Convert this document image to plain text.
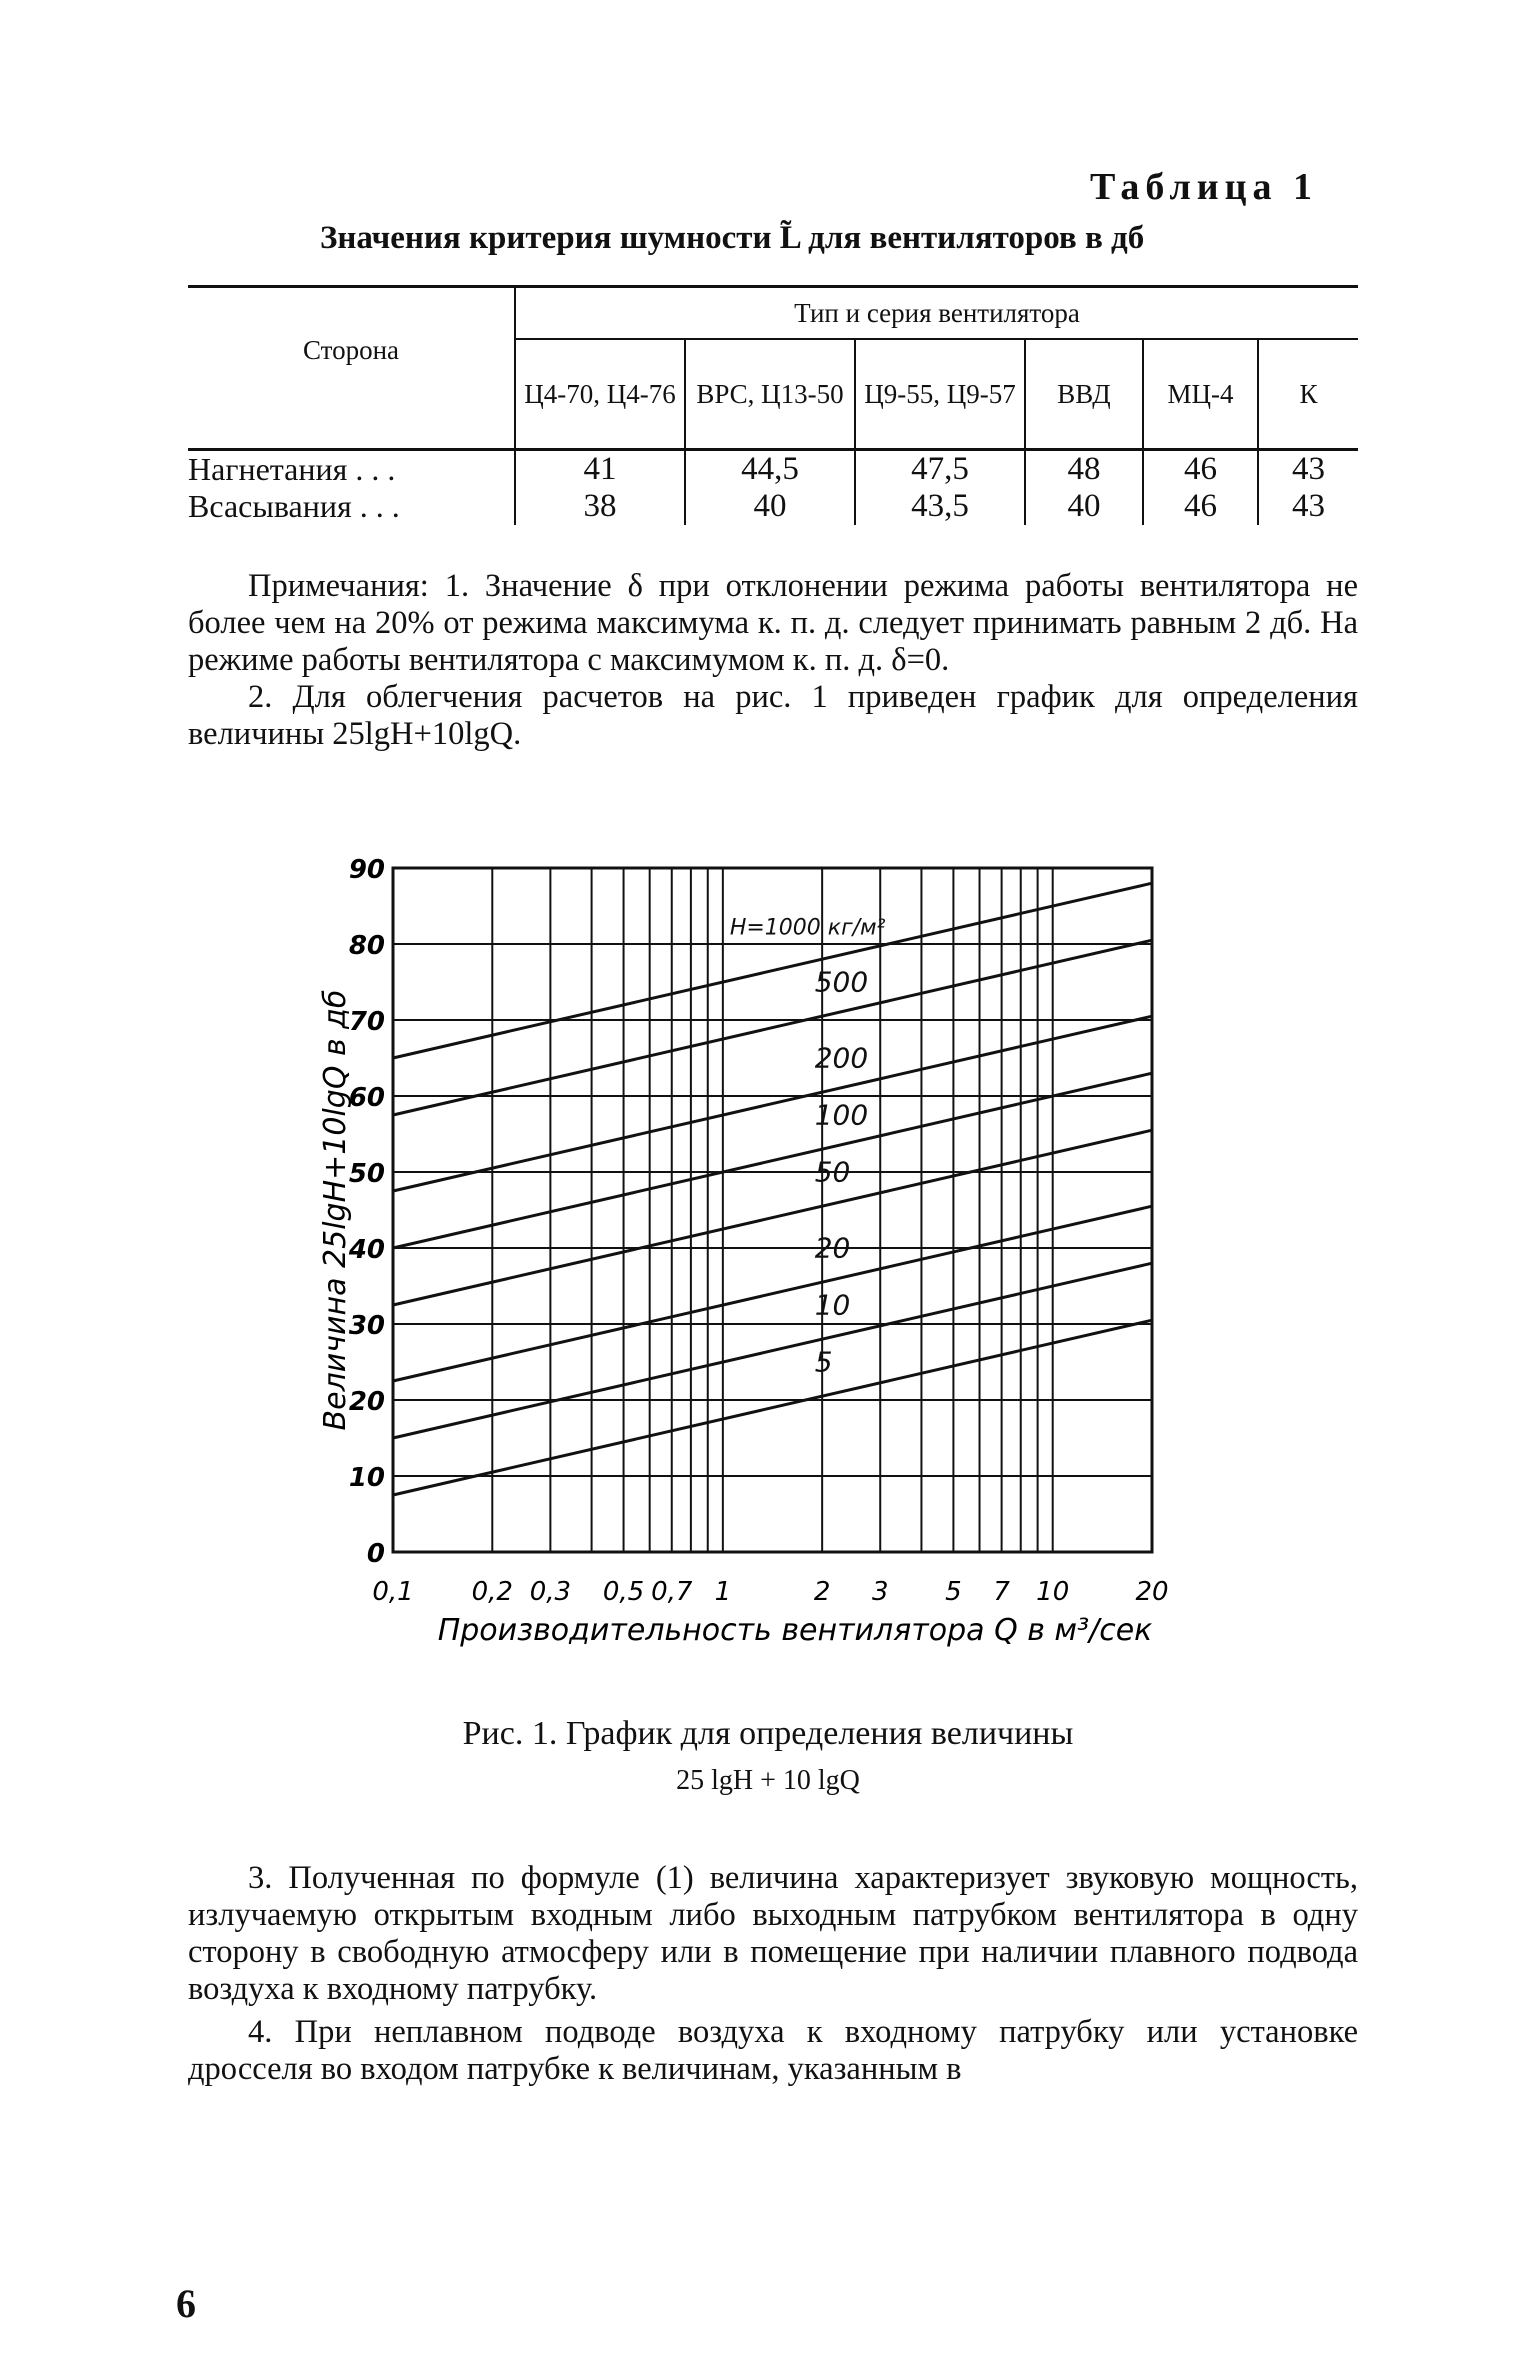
Таблица 1
Значения критерия шумности L̃ для вентиляторов в дб
Сторона	Тип и серия вентилятора					
	Ц4-70, Ц4-76	ВРС, Ц13-50	Ц9-55, Ц9-57	ВВД	МЦ-4	К
Нагнетания . . .	41	44,5	47,5	48	46	43
Всасывания . . .	38	40	43,5	40	46	43

Примечания: 1. Значение δ при отклонении режима работы вентилятора не более чем на 20% от режима максимума к. п. д. следует принимать равным 2 дб. На режиме работы вентилятора с максимумом к. п. д. δ=0.

2. Для облегчения расчетов на рис. 1 приведен график для определения величины 25lgH+10lgQ.

0
10
20
30
40
50
60
70
80
90
0,1 0,2 0,3 0,5 0,7 1	2 3 5 7 10	20
5
10
20
50
100
200
500
H=1000 кг/м²
Величина 25lgH+10lgQ в дб
Производительность вентилятора Q в м³/сек
Рис. 1. График для определения величины
25 lgH + 10 lgQ

3. Полученная по формуле (1) величина характеризует звуковую мощность, излучаемую открытым входным либо выходным патрубком вентилятора в одну сторону в свободную атмосферу или в помещение при наличии плавного подвода воздуха к входному патрубку.

4. При неплавном подводе воздуха к входному патрубку или установке дросселя во входом патрубке к величинам, указанным в

6
